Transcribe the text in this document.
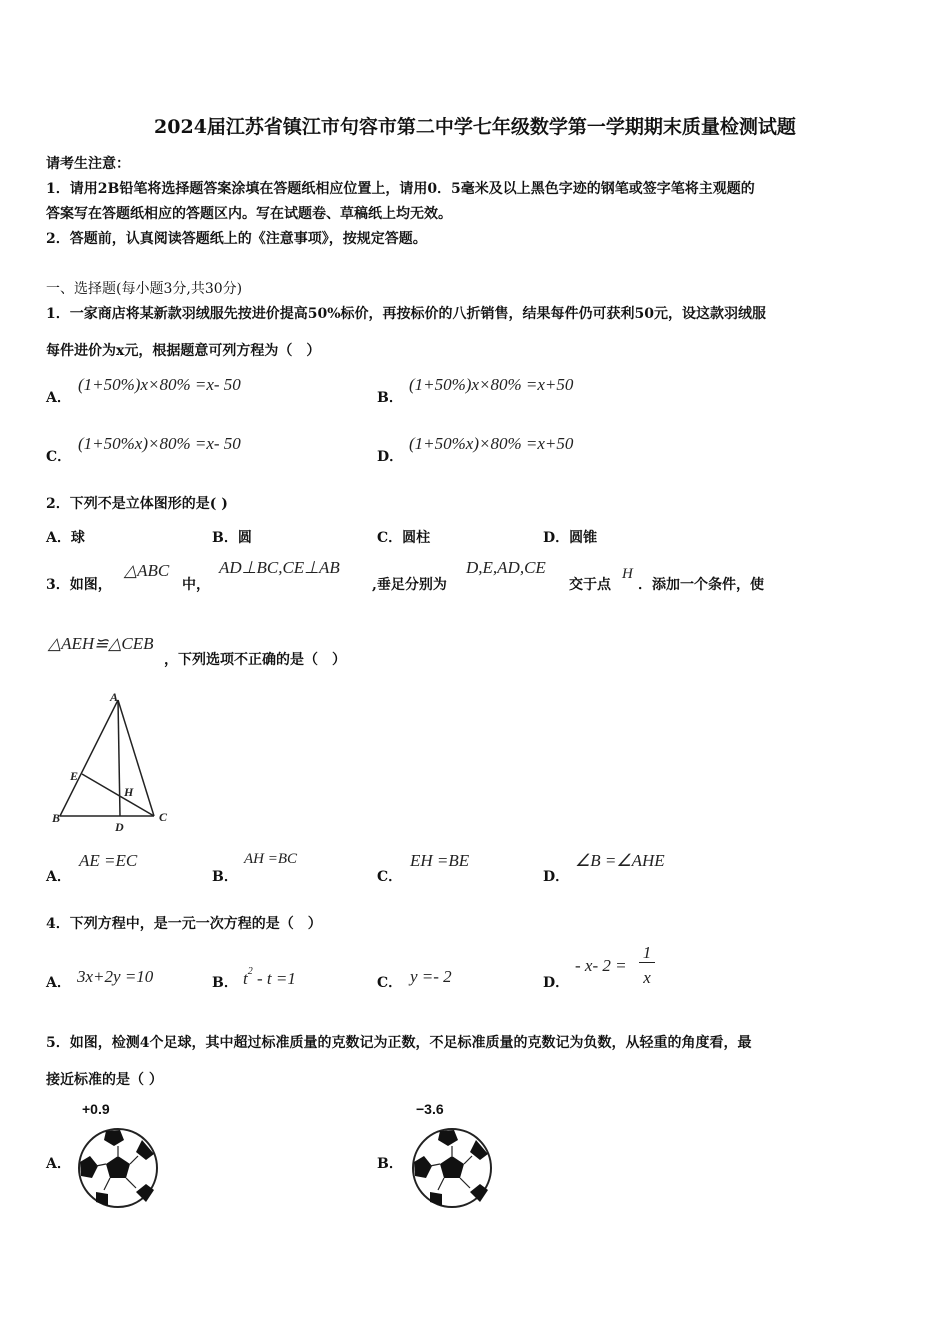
2024届江苏省镇江市句容市第二中学七年级数学第一学期期末质量检测试题
请考生注意：
1．请用2B铅笔将选择题答案涂填在答题纸相应位置上，请用0．5毫米及以上黑色字迹的钢笔或签字笔将主观题的
答案写在答题纸相应的答题区内。写在试题卷、草稿纸上均无效。
2．答题前，认真阅读答题纸上的《注意事项》，按规定答题。
一、选择题(每小题3分,共30分)
1．一家商店将某新款羽绒服先按进价提高50%标价，再按标价的八折销售，结果每件仍可获利50元，设这款羽绒服
每件进价为x元，根据题意可列方程为（　）
A．
(1+50%)x×80% =x- 50
B．
(1+50%)x×80% =x+50
C．
(1+50%x)×80% =x- 50
D．
(1+50%x)×80% =x+50
2．下列不是立体图形的是( )
A．球	B．圆	C．圆柱	D．圆锥
3．如图，
△ABC
中，
AD⊥BC,CE⊥AB
,垂足分别为
D,E,AD,CE
交于点
H
．添加一个条件，使
△AEH≌△CEB
，下列选项不正确的是（　）
A
B	C
D
E
H
A．
AE =EC
B．
AH =BC
C．
EH =BE
D．
∠B =∠AHE
4．下列方程中，是一元一次方程的是（　）
A． 3x+2y =10	B． $t^2 - t =1$	C． y =- 2	D．
- x- 2 =
1
x
5．如图，检测4个足球，其中超过标准质量的克数记为正数，不足标准质量的克数记为负数，从轻重的角度看，最
接近标准的是（ ）
+0.9
A．
−3.6
B．
